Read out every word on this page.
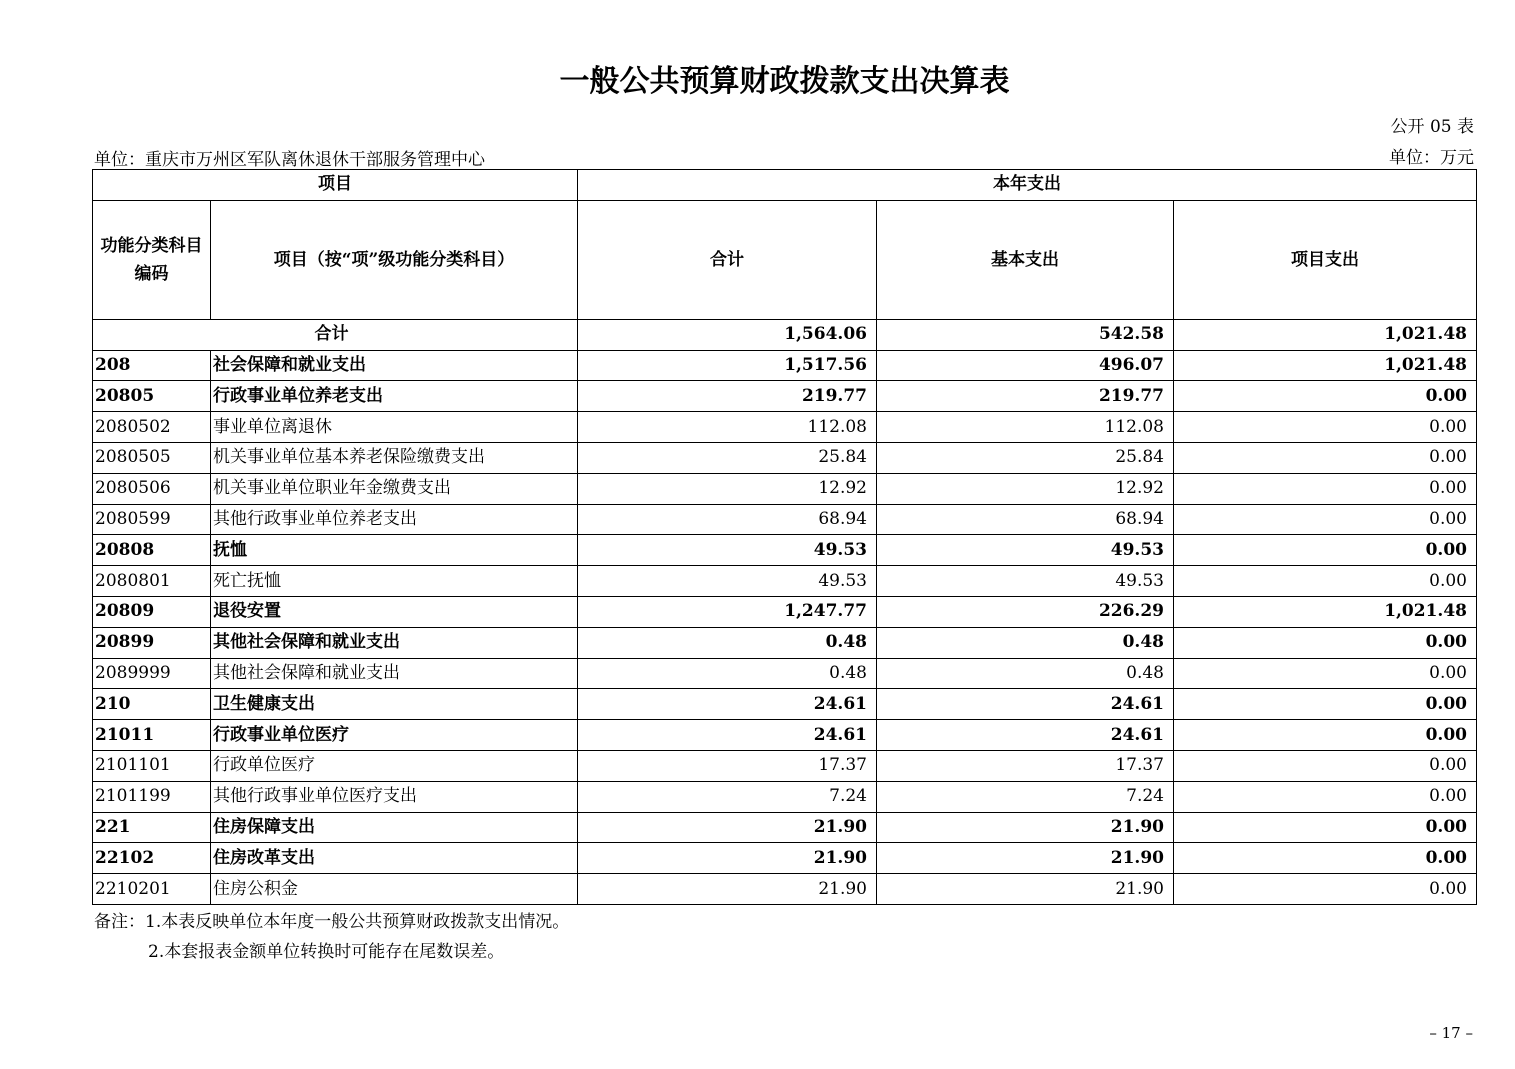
一般公共预算财政拨款支出决算表
公开 05 表
单位：重庆市万州区军队离休退休干部服务管理中心	单位：万元
项目		本年支出		
功能分类科目编码	项目（按“项”级功能分类科目）	合计	基本支出	项目支出
合计		1,564.06	542.58	1,021.48
208	社会保障和就业支出	1,517.56	496.07	1,021.48
20805	行政事业单位养老支出	219.77	219.77	0.00
2080502	事业单位离退休	112.08	112.08	0.00
2080505	机关事业单位基本养老保险缴费支出	25.84	25.84	0.00
2080506	机关事业单位职业年金缴费支出	12.92	12.92	0.00
2080599	其他行政事业单位养老支出	68.94	68.94	0.00
20808	抚恤	49.53	49.53	0.00
2080801	死亡抚恤	49.53	49.53	0.00
20809	退役安置	1,247.77	226.29	1,021.48
20899	其他社会保障和就业支出	0.48	0.48	0.00
2089999	其他社会保障和就业支出	0.48	0.48	0.00
210	卫生健康支出	24.61	24.61	0.00
21011	行政事业单位医疗	24.61	24.61	0.00
2101101	行政单位医疗	17.37	17.37	0.00
2101199	其他行政事业单位医疗支出	7.24	7.24	0.00
221	住房保障支出	21.90	21.90	0.00
22102	住房改革支出	21.90	21.90	0.00
2210201	住房公积金	21.90	21.90	0.00
备注：1.本表反映单位本年度一般公共预算财政拨款支出情况。
2.本套报表金额单位转换时可能存在尾数误差。
– 17 –
